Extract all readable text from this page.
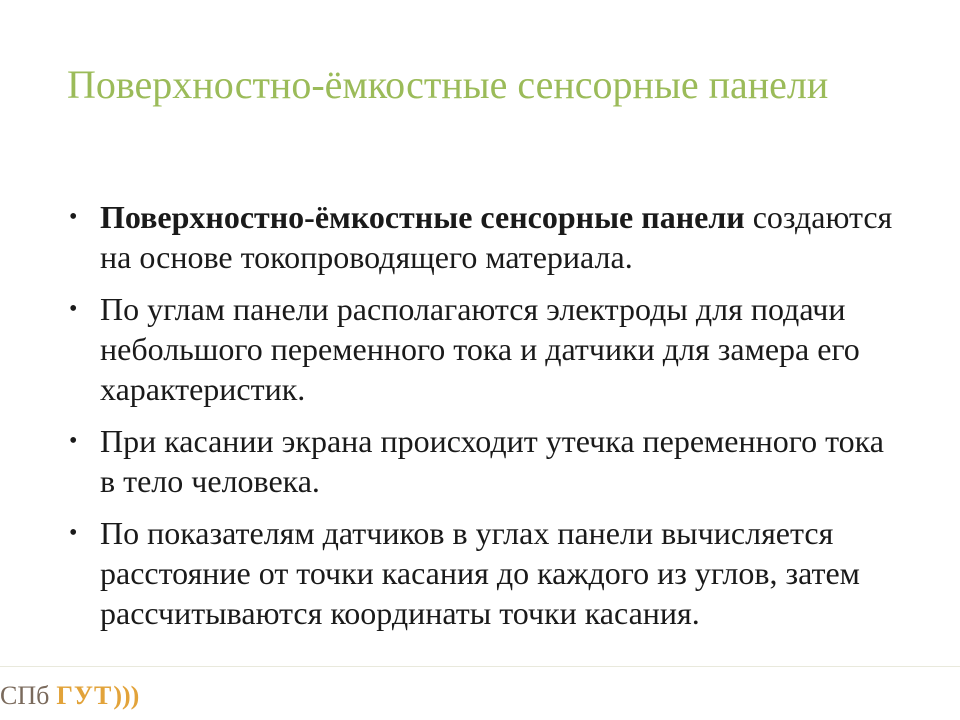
Поверхностно-ёмкостные сенсорные панели
• Поверхностно-ёмкостные сенсорные панели создаются на основе токопроводящего материала.
• По углам панели располагаются электроды для подачи небольшого переменного тока и датчики для замера его характеристик.
• При касании экрана происходит утечка переменного тока в тело человека.
• По показателям датчиков в углах панели вычисляется расстояние от точки касания до каждого из углов, затем рассчитываются координаты точки касания.
СПб ГУТ )))
